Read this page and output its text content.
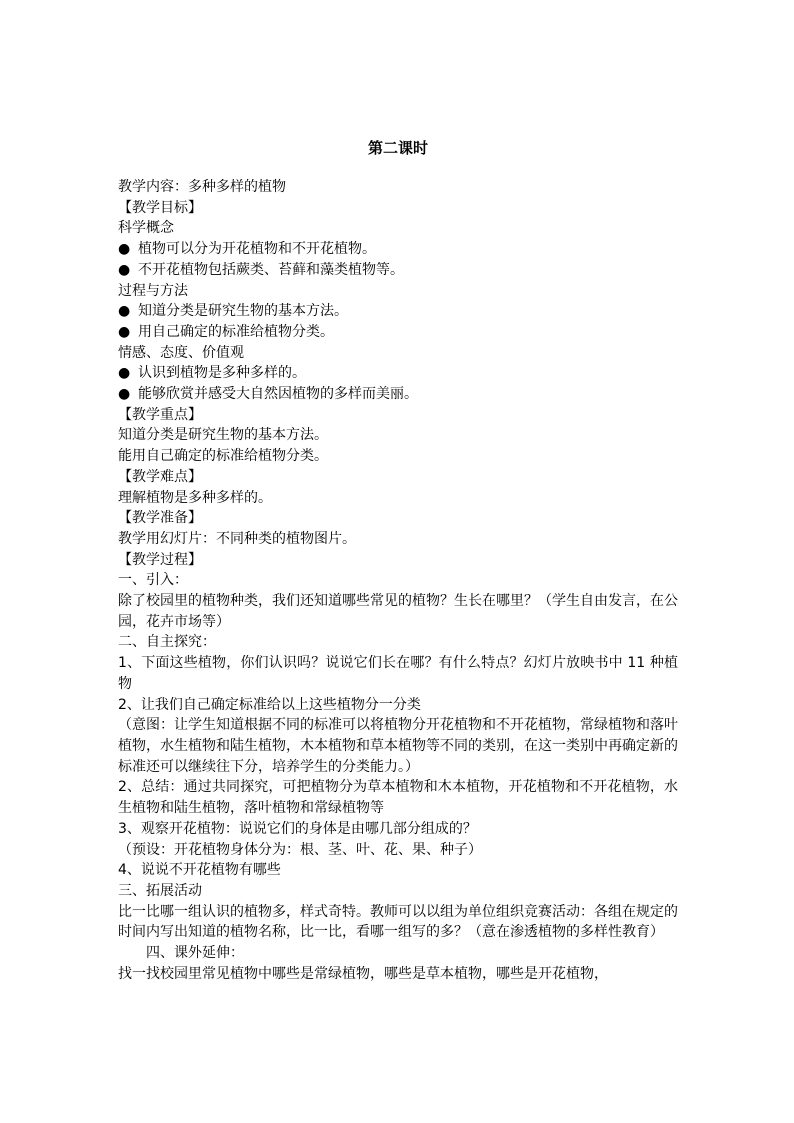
第二课时
教学内容：多种多样的植物
【教学目标】
科学概念
● 植物可以分为开花植物和不开花植物。
● 不开花植物包括蕨类、苔藓和藻类植物等。
过程与方法
● 知道分类是研究生物的基本方法。
● 用自己确定的标准给植物分类。
情感、态度、价值观
● 认识到植物是多种多样的。
● 能够欣赏并感受大自然因植物的多样而美丽。
【教学重点】
知道分类是研究生物的基本方法。
能用自己确定的标准给植物分类。
【教学难点】
理解植物是多种多样的。
【教学准备】
教学用幻灯片：不同种类的植物图片。
【教学过程】
一、引入：
除了校园里的植物种类，我们还知道哪些常见的植物？生长在哪里？（学生自由发言，在公园，花卉市场等）
二、自主探究：
1、下面这些植物，你们认识吗？说说它们长在哪？有什么特点？幻灯片放映书中 11 种植物
2、让我们自己确定标准给以上这些植物分一分类
（意图：让学生知道根据不同的标准可以将植物分开花植物和不开花植物，常绿植物和落叶植物，水生植物和陆生植物，木本植物和草本植物等不同的类别，在这一类别中再确定新的标准还可以继续往下分，培养学生的分类能力。）
2、总结：通过共同探究，可把植物分为草本植物和木本植物，开花植物和不开花植物，水生植物和陆生植物，落叶植物和常绿植物等
3、观察开花植物：说说它们的身体是由哪几部分组成的？
（预设：开花植物身体分为：根、茎、叶、花、果、种子）
4、说说不开花植物有哪些
三、拓展活动
比一比哪一组认识的植物多，样式奇特。教师可以以组为单位组织竞赛活动：各组在规定的时间内写出知道的植物名称，比一比，看哪一组写的多？（意在渗透植物的多样性教育）
四、课外延伸：
找一找校园里常见植物中哪些是常绿植物，哪些是草本植物，哪些是开花植物，
